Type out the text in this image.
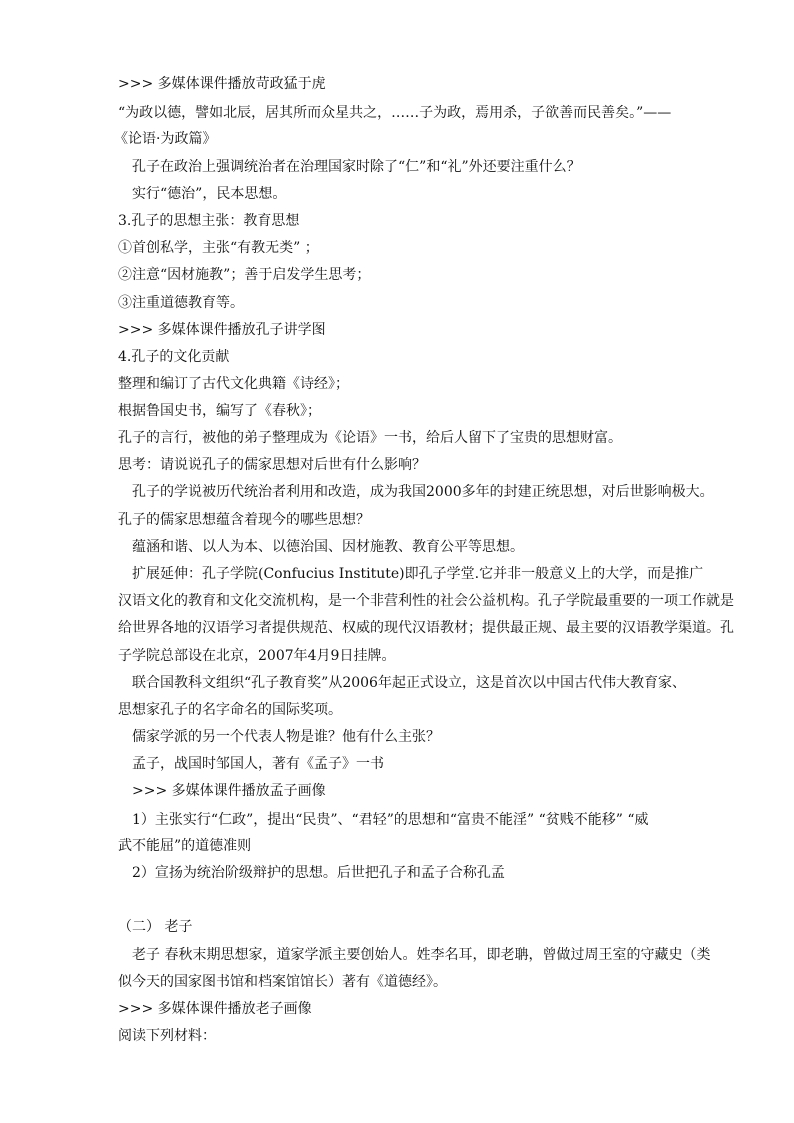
>>> 多媒体课件播放苛政猛于虎
“为政以德，譬如北辰，居其所而众星共之，……子为政，焉用杀，子欲善而民善矣。”——
《论语·为政篇》
孔子在政治上强调统治者在治理国家时除了“仁”和“礼”外还要注重什么？
实行“德治”，民本思想。
3.孔子的思想主张：教育思想
①首创私学，主张“有教无类” ；
②注意“因材施教”；善于启发学生思考；
③注重道德教育等。
>>> 多媒体课件播放孔子讲学图
4.孔子的文化贡献
整理和编订了古代文化典籍《诗经》；
根据鲁国史书，编写了《春秋》；
孔子的言行，被他的弟子整理成为《论语》一书，给后人留下了宝贵的思想财富。
思考：请说说孔子的儒家思想对后世有什么影响？
孔子的学说被历代统治者利用和改造，成为我国2000多年的封建正统思想，对后世影响极大。
孔子的儒家思想蕴含着现今的哪些思想？
蕴涵和谐、以人为本、以德治国、因材施教、教育公平等思想。
扩展延伸：孔子学院(Confucius Institute)即孔子学堂.它并非一般意义上的大学，而是推广
汉语文化的教育和文化交流机构，是一个非营利性的社会公益机构。孔子学院最重要的一项工作就是
给世界各地的汉语学习者提供规范、权威的现代汉语教材；提供最正规、最主要的汉语教学渠道。孔
子学院总部设在北京，2007年4月9日挂牌。
联合国教科文组织“孔子教育奖”从2006年起正式设立，这是首次以中国古代伟大教育家、
思想家孔子的名字命名的国际奖项。
儒家学派的另一个代表人物是谁？他有什么主张？
孟子，战国时邹国人，著有《孟子》一书
>>> 多媒体课件播放孟子画像
1）主张实行“仁政”，提出“民贵”、“君轻”的思想和“富贵不能淫” “贫贱不能移” “威
武不能屈”的道德准则
2）宣扬为统治阶级辩护的思想。后世把孔子和孟子合称孔孟
（二） 老子
老子 春秋末期思想家，道家学派主要创始人。姓李名耳，即老聃，曾做过周王室的守藏史（类
似今天的国家图书馆和档案馆馆长）著有《道德经》。
>>> 多媒体课件播放老子画像
阅读下列材料：
